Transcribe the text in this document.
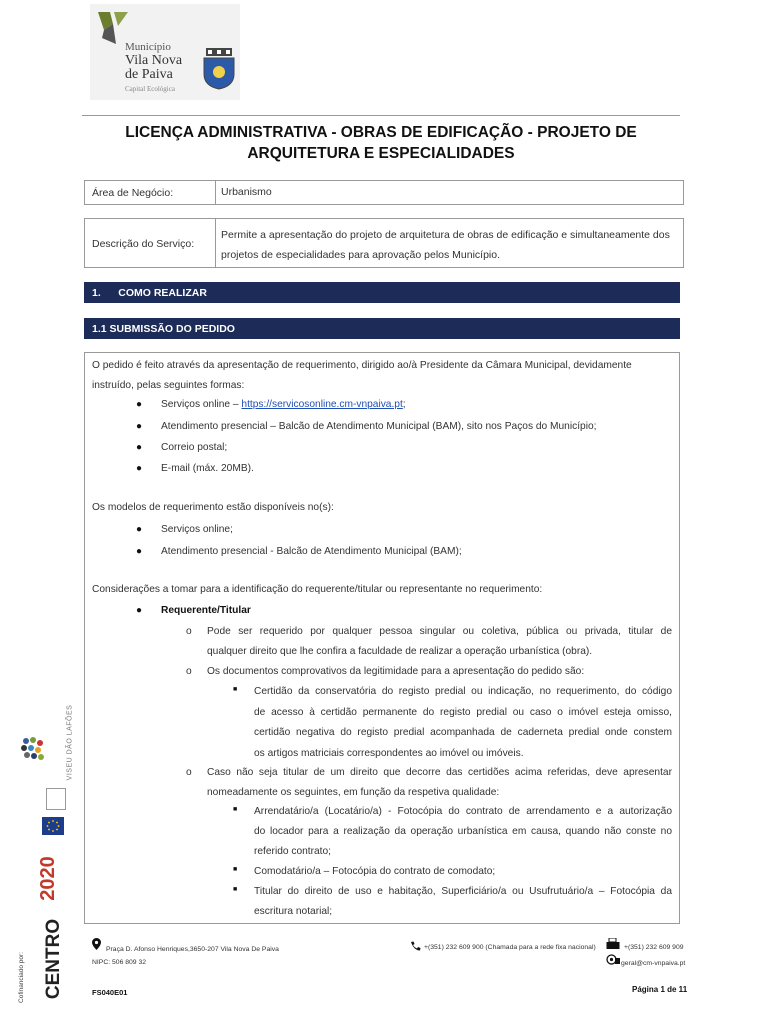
Município
Vila Nova
de Paiva
Capital Ecológica
LICENÇA ADMINISTRATIVA - OBRAS DE EDIFICAÇÃO - PROJETO DE
ARQUITETURA E ESPECIALIDADES
Área de Negócio:	Urbanismo
Descrição do Serviço:
Permite a apresentação do projeto de arquitetura de obras de edificação e simultaneamente dos
projetos de especialidades para aprovação pelos Município.
1.      COMO REALIZAR
1.1 SUBMISSÃO DO PEDIDO
O pedido é feito através da apresentação de requerimento, dirigido ao/à Presidente da Câmara Municipal, devidamente
instruído, pelas seguintes formas:
● Serviços online – https://servicosonline.cm-vnpaiva.pt;
● Atendimento presencial – Balcão de Atendimento Municipal (BAM), sito nos Paços do Município;
● Correio postal;
● E-mail (máx. 20MB).
Os modelos de requerimento estão disponíveis no(s):
● Serviços online;
● Atendimento presencial - Balcão de Atendimento Municipal (BAM);
Considerações a tomar para a identificação do requerente/titular ou representante no requerimento:
● Requerente/Titular
o Pode ser requerido por qualquer pessoa singular ou coletiva, pública ou privada, titular de
qualquer direito que lhe confira a faculdade de realizar a operação urbanística (obra).
o Os documentos comprovativos da legitimidade para a apresentação do pedido são:
■ Certidão da conservatória do registo predial ou indicação, no requerimento, do código
de acesso à certidão permanente do registo predial ou caso o imóvel esteja omisso,
certidão negativa do registo predial acompanhada de caderneta predial onde constem
os artigos matriciais correspondentes ao imóvel ou imóveis.
o Caso não seja titular de um direito que decorre das certidões acima referidas, deve apresentar
nomeadamente os seguintes, em função da respetiva qualidade:
■ Arrendatário/a (Locatário/a) - Fotocópia do contrato de arrendamento e a autorização
do locador para a realização da operação urbanística em causa, quando não conste no
referido contrato;
■ Comodatário/a – Fotocópia do contrato de comodato;
■ Titular do direito de uso e habitação, Superficiário/a ou Usufrutuário/a – Fotocópia da
escritura notarial;
Praça D. Afonso Henriques,3650-207 Vila Nova De Paiva
NIPC: 506 809 32
+(351) 232 609 900 (Chamada para a rede fixa nacional)	+(351) 232 609 909
geral@cm-vnpaiva.pt
FS040E01	Página 1 de 11
VISEU DÃO LAFÕES
2020
CENTRO
Cofinanciado por:
